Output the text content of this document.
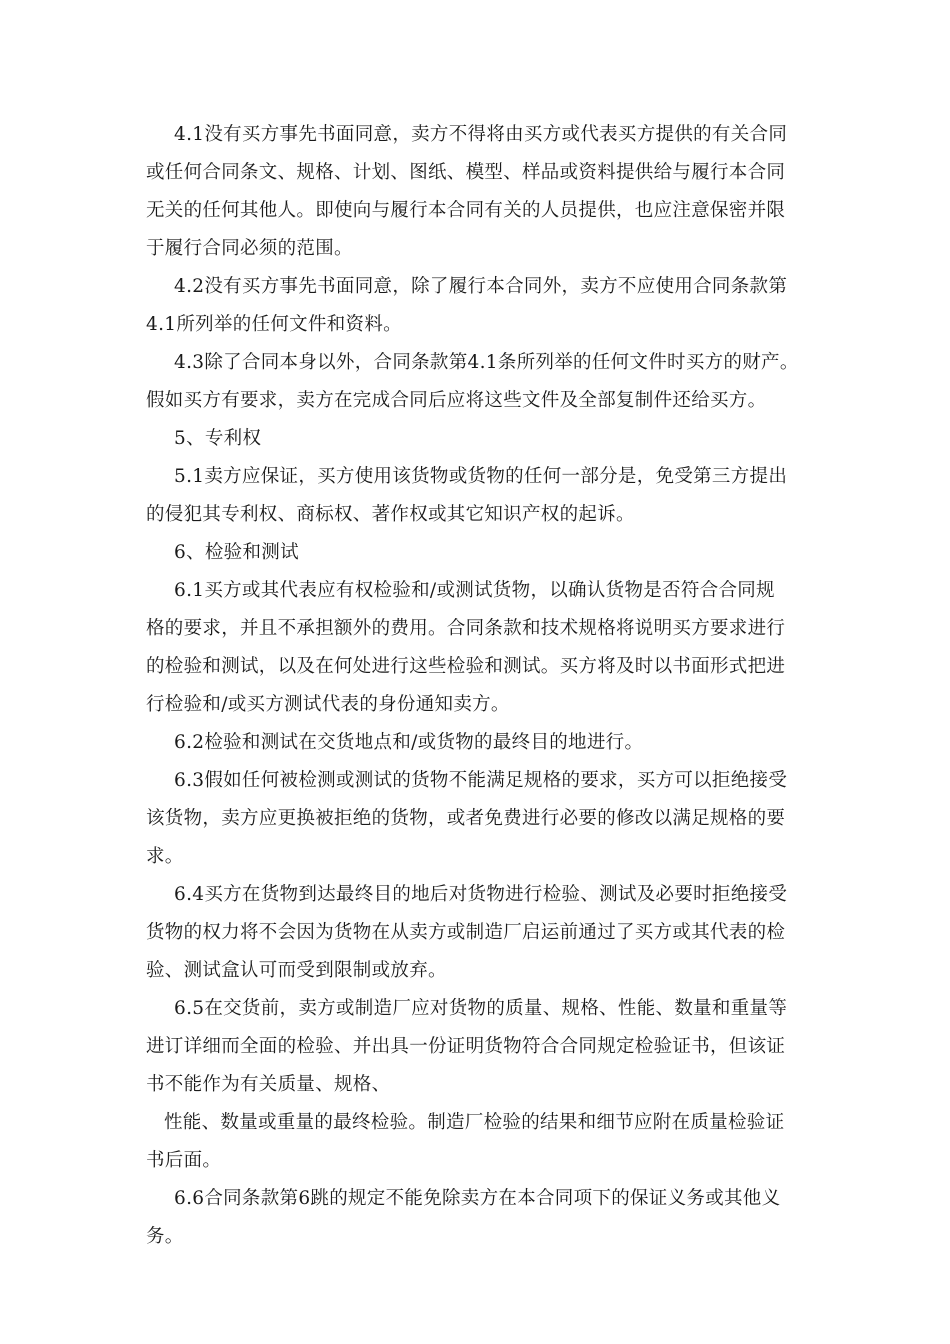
4.1没有买方事先书面同意，卖方不得将由买方或代表买方提供的有关合同
或任何合同条文、规格、计划、图纸、模型、样品或资料提供给与履行本合同
无关的任何其他人。即使向与履行本合同有关的人员提供，也应注意保密并限
于履行合同必须的范围。
4.2没有买方事先书面同意，除了履行本合同外，卖方不应使用合同条款第
4.1所列举的任何文件和资料。
4.3除了合同本身以外，合同条款第4.1条所列举的任何文件时买方的财产。
假如买方有要求，卖方在完成合同后应将这些文件及全部复制件还给买方。
5、专利权
5.1卖方应保证，买方使用该货物或货物的任何一部分是，免受第三方提出
的侵犯其专利权、商标权、著作权或其它知识产权的起诉。
6、检验和测试
6.1买方或其代表应有权检验和/或测试货物，以确认货物是否符合合同规
格的要求，并且不承担额外的费用。合同条款和技术规格将说明买方要求进行
的检验和测试，以及在何处进行这些检验和测试。买方将及时以书面形式把进
行检验和/或买方测试代表的身份通知卖方。
6.2检验和测试在交货地点和/或货物的最终目的地进行。
6.3假如任何被检测或测试的货物不能满足规格的要求，买方可以拒绝接受
该货物，卖方应更换被拒绝的货物，或者免费进行必要的修改以满足规格的要
求。
6.4买方在货物到达最终目的地后对货物进行检验、测试及必要时拒绝接受
货物的权力将不会因为货物在从卖方或制造厂启运前通过了买方或其代表的检
验、测试盒认可而受到限制或放弃。
6.5在交货前，卖方或制造厂应对货物的质量、规格、性能、数量和重量等
进订详细而全面的检验、并出具一份证明货物符合合同规定检验证书，但该证
书不能作为有关质量、规格、
性能、数量或重量的最终检验。制造厂检验的结果和细节应附在质量检验证
书后面。
6.6合同条款第6跳的规定不能免除卖方在本合同项下的保证义务或其他义
务。
